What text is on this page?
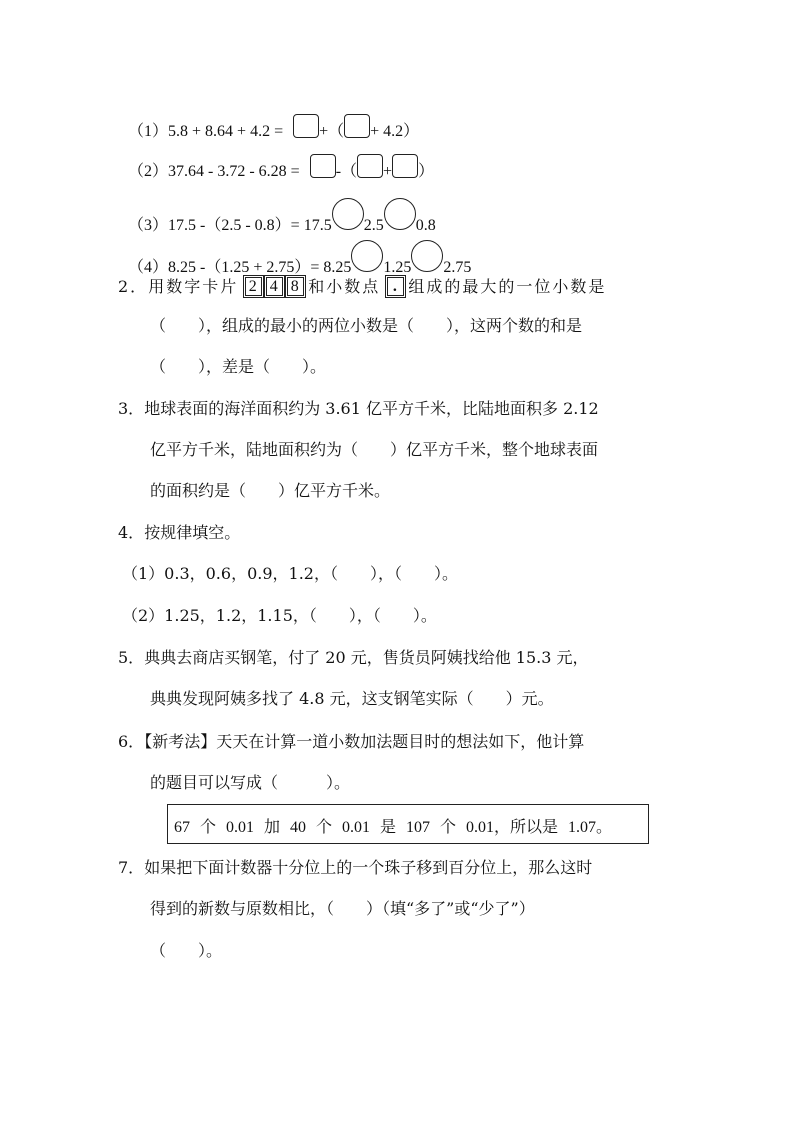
（1）5.8 + 8.64 + 4.2 = +（ + 4.2）
（2）37.64 - 3.72 - 6.28 = -（ + ）
（3）17.5 -（2.5 - 0.8）= 17.5 2.5 0.8
（4）8.25 -（1.25 + 2.75）= 8.25 1.25 2.75
2．用数字卡片 2 4 8 和小数点 . 组成的最大的一位小数是
（　　），组成的最小的两位小数是（　　），这两个数的和是
（　　），差是（　　）。
3．地球表面的海洋面积约为 3.61 亿平方千米，比陆地面积多 2.12
亿平方千米，陆地面积约为（　　）亿平方千米，整个地球表面
的面积约是（　　）亿平方千米。
4．按规律填空。
（1）0.3，0.6，0.9，1.2，（　　），（　　）。
（2）1.25，1.2，1.15，（　　），（　　）。
5．典典去商店买钢笔，付了 20 元，售货员阿姨找给他 15.3 元，
典典发现阿姨多找了 4.8 元，这支钢笔实际（　　）元。
6．【新考法】天天在计算一道小数加法题目时的想法如下，他计算
的题目可以写成（　　　）。
67 个 0.01 加 40 个 0.01 是 107 个 0.01，所以是 1.07。
7．如果把下面计数器十分位上的一个珠子移到百分位上，那么这时
得到的新数与原数相比，（　　）（填“多了”或“少了”）
（　　）。
